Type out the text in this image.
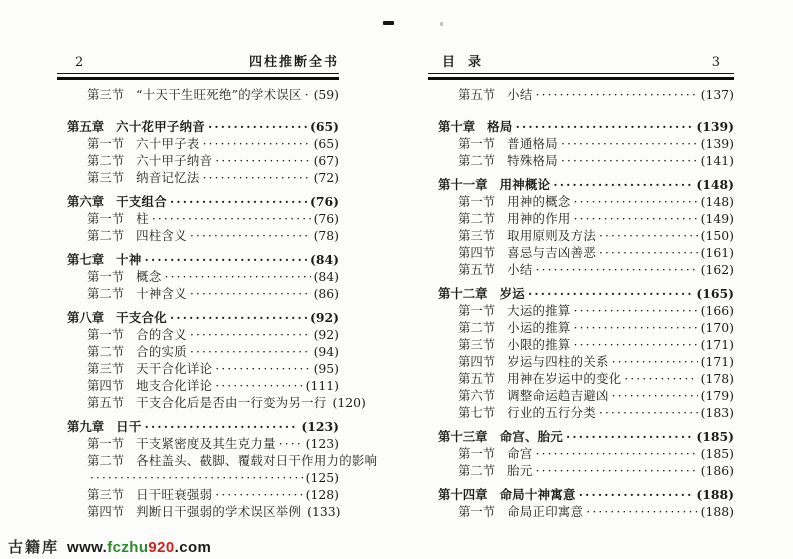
2	四柱推断全书
第三节 “十天干生旺死绝”的学术误区 ····· (59)
第五章 六十花甲子纳音 ·····	(65)
第一节 六十甲子表 ·····	(65)
第二节 六十甲子纳音 ·····	(67)
第三节 纳音记忆法 ·····	(72)
第六章 干支组合 ·····	(76)
第一节 柱 ·····	(76)
第二节 四柱含义 ·····	(78)
第七章 十神 ·····	(84)
第一节 概念 ·····	(84)
第二节 十神含义 ·····	(86)
第八章 干支合化 ·····	(92)
第一节 合的含义 ·····	(92)
第二节 合的实质 ·····	(94)
第三节 天干合化详论 ·····	(95)
第四节 地支合化详论 ·····	(111)
第五节 干支合化后是否由一行变为另一行 (120)
第九章 日干 ·····	(123)
第一节 干支紧密度及其生克力量 ····· (123)
第二节 各柱盖头、截脚、覆载对日干作用力的影响
·····
(125)
第三节 日干旺衰强弱 ·····	(128)
第四节 判断日干强弱的学术误区举例 (133)
目　录	3
第五节 小结 ·····	(137)
第十章 格局 ·····	(139)
第一节 普通格局 ·····	(139)
第二节 特殊格局 ·····	(141)
第十一章 用神概论 ·····	(148)
第一节 用神的概念 ·····	(148)
第二节 用神的作用 ·····	(149)
第三节 取用原则及方法 ·····	(150)
第四节 喜忌与吉凶善恶 ·····	(161)
第五节 小结 ·····	(162)
第十二章 岁运 ·····	(165)
第一节 大运的推算 ·····	(166)
第二节 小运的推算 ·····	(170)
第三节 小限的推算 ·····	(171)
第四节 岁运与四柱的关系 ·····	(171)
第五节 用神在岁运中的变化 ·····	(178)
第六节 调整命运趋吉避凶 ·····	(179)
第七节 行业的五行分类 ·····	(183)
第十三章 命宫、胎元 ·····	(185)
第一节 命宫 ·····	(185)
第二节 胎元 ·····	(186)
第十四章 命局十神寓意 ·····	(188)
第一节 命局正印寓意 ·····	(188)
古籍库 www.fczhu920.com
